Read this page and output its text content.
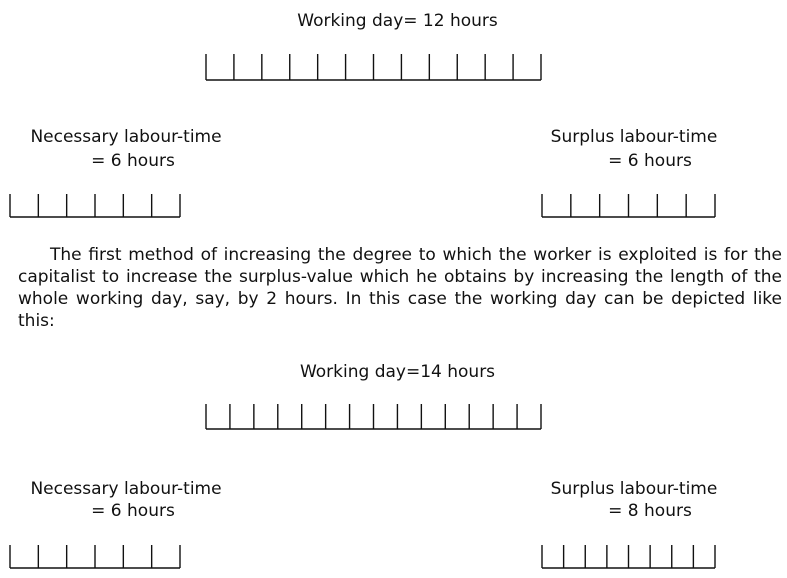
Working day= 12 hours
Necessary labour-time
= 6 hours
Surplus labour-time
= 6 hours
The first method of increasing the degree to which the worker is exploited is for the capitalist to increase the surplus-value which he obtains by increasing the length of the whole working day, say, by 2 hours. In this case the working day can be depicted like this:
Working day=14 hours
Necessary labour-time
= 6 hours
Surplus labour-time
= 8 hours
